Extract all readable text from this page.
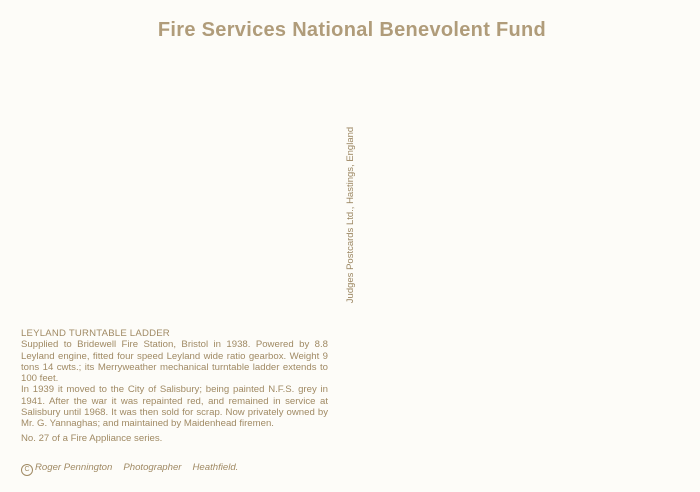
Fire Services National Benevolent Fund
Judges Postcards Ltd., Hastings, England
LEYLAND TURNTABLE LADDER
Supplied to Bridewell Fire Station, Bristol in 1938. Powered by 8.8 Leyland engine, fitted four speed Leyland wide ratio gearbox. Weight 9 tons 14 cwts.; its Merryweather mechanical turntable ladder extends to 100 feet.
In 1939 it moved to the City of Salisbury; being painted N.F.S. grey in 1941. After the war it was repainted red, and remained in service at Salisbury until 1968. It was then sold for scrap. Now privately owned by Mr. G. Yannaghas; and maintained by Maidenhead firemen.
No. 27 of a Fire Appliance series.
C Roger Pennington Photographer Heathfield.
